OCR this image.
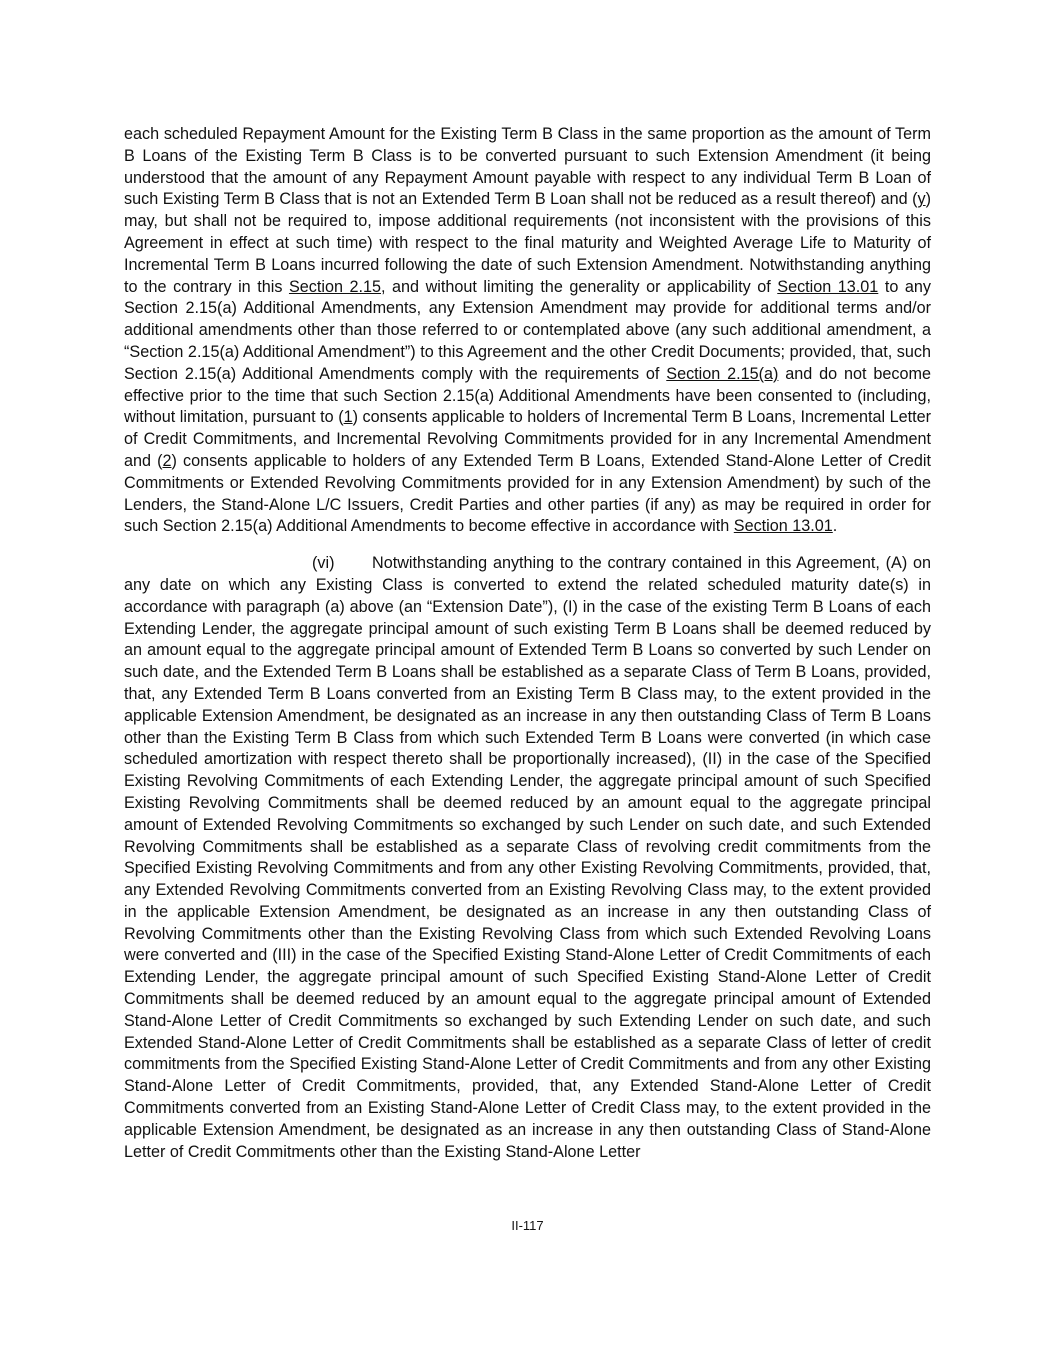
each scheduled Repayment Amount for the Existing Term B Class in the same proportion as the amount of Term B Loans of the Existing Term B Class is to be converted pursuant to such Extension Amendment (it being understood that the amount of any Repayment Amount payable with respect to any individual Term B Loan of such Existing Term B Class that is not an Extended Term B Loan shall not be reduced as a result thereof) and (y) may, but shall not be required to, impose additional requirements (not inconsistent with the provisions of this Agreement in effect at such time) with respect to the final maturity and Weighted Average Life to Maturity of Incremental Term B Loans incurred following the date of such Extension Amendment. Notwithstanding anything to the contrary in this Section 2.15, and without limiting the generality or applicability of Section 13.01 to any Section 2.15(a) Additional Amendments, any Extension Amendment may provide for additional terms and/or additional amendments other than those referred to or contemplated above (any such additional amendment, a “Section 2.15(a) Additional Amendment”) to this Agreement and the other Credit Documents; provided, that, such Section 2.15(a) Additional Amendments comply with the requirements of Section 2.15(a) and do not become effective prior to the time that such Section 2.15(a) Additional Amendments have been consented to (including, without limitation, pursuant to (1) consents applicable to holders of Incremental Term B Loans, Incremental Letter of Credit Commitments, and Incremental Revolving Commitments provided for in any Incremental Amendment and (2) consents applicable to holders of any Extended Term B Loans, Extended Stand-Alone Letter of Credit Commitments or Extended Revolving Commitments provided for in any Extension Amendment) by such of the Lenders, the Stand-Alone L/C Issuers, Credit Parties and other parties (if any) as may be required in order for such Section 2.15(a) Additional Amendments to become effective in accordance with Section 13.01.

(vi) Notwithstanding anything to the contrary contained in this Agreement, (A) on any date on which any Existing Class is converted to extend the related scheduled maturity date(s) in accordance with paragraph (a) above (an “Extension Date”), (I) in the case of the existing Term B Loans of each Extending Lender, the aggregate principal amount of such existing Term B Loans shall be deemed reduced by an amount equal to the aggregate principal amount of Extended Term B Loans so converted by such Lender on such date, and the Extended Term B Loans shall be established as a separate Class of Term B Loans, provided, that, any Extended Term B Loans converted from an Existing Term B Class may, to the extent provided in the applicable Extension Amendment, be designated as an increase in any then outstanding Class of Term B Loans other than the Existing Term B Class from which such Extended Term B Loans were converted (in which case scheduled amortization with respect thereto shall be proportionally increased), (II) in the case of the Specified Existing Revolving Commitments of each Extending Lender, the aggregate principal amount of such Specified Existing Revolving Commitments shall be deemed reduced by an amount equal to the aggregate principal amount of Extended Revolving Commitments so exchanged by such Lender on such date, and such Extended Revolving Commitments shall be established as a separate Class of revolving credit commitments from the Specified Existing Revolving Commitments and from any other Existing Revolving Commitments, provided, that, any Extended Revolving Commitments converted from an Existing Revolving Class may, to the extent provided in the applicable Extension Amendment, be designated as an increase in any then outstanding Class of Revolving Commitments other than the Existing Revolving Class from which such Extended Revolving Loans were converted and (III) in the case of the Specified Existing Stand-Alone Letter of Credit Commitments of each Extending Lender, the aggregate principal amount of such Specified Existing Stand-Alone Letter of Credit Commitments shall be deemed reduced by an amount equal to the aggregate principal amount of Extended Stand-Alone Letter of Credit Commitments so exchanged by such Extending Lender on such date, and such Extended Stand-Alone Letter of Credit Commitments shall be established as a separate Class of letter of credit commitments from the Specified Existing Stand-Alone Letter of Credit Commitments and from any other Existing Stand-Alone Letter of Credit Commitments, provided, that, any Extended Stand-Alone Letter of Credit Commitments converted from an Existing Stand-Alone Letter of Credit Class may, to the extent provided in the applicable Extension Amendment, be designated as an increase in any then outstanding Class of Stand-Alone Letter of Credit Commitments other than the Existing Stand-Alone Letter

II-117
